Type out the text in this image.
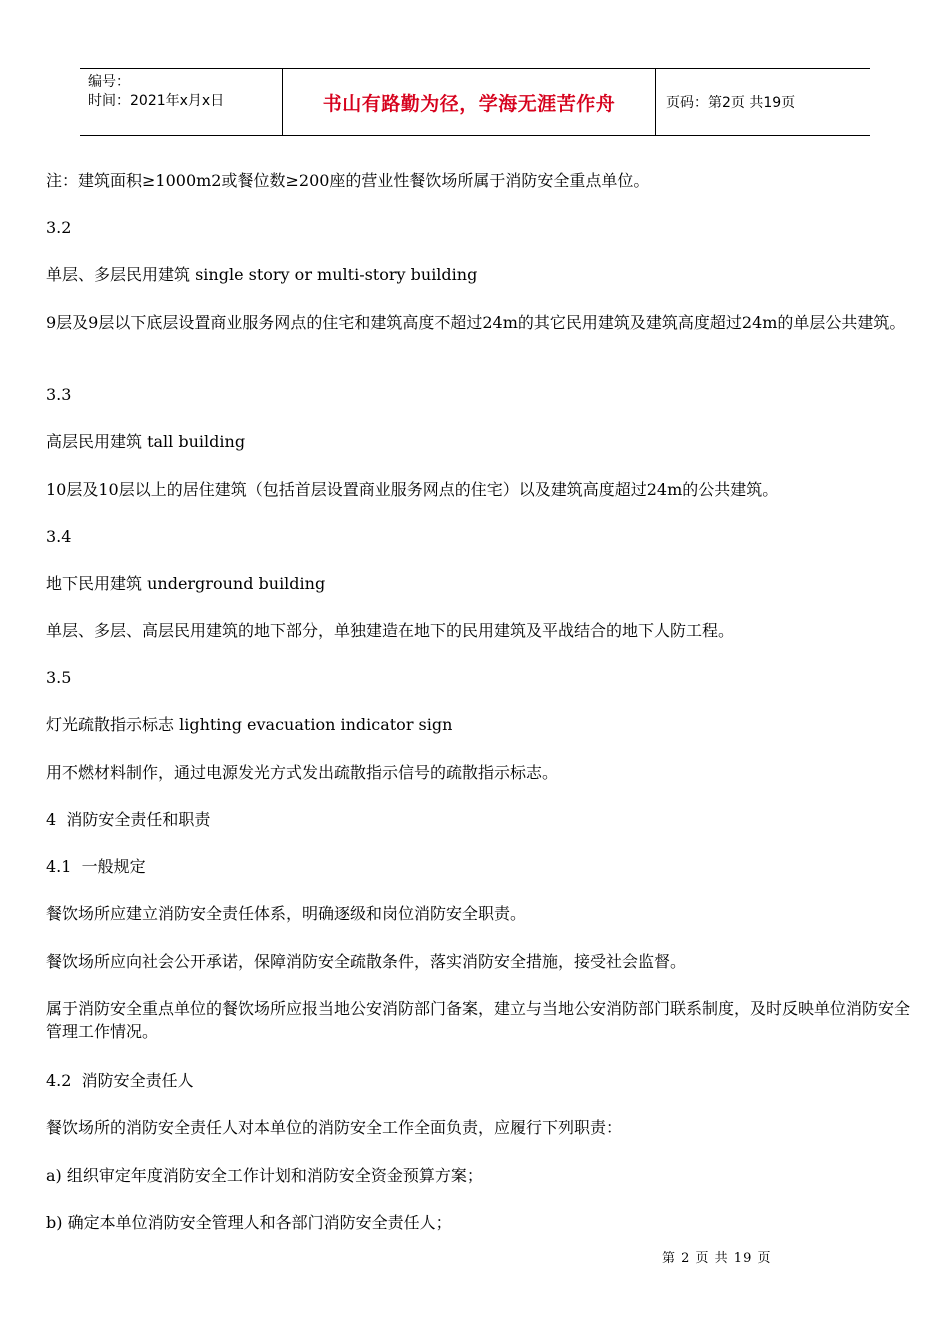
编号：
时间：2021年x月x日	书山有路勤为径，学海无涯苦作舟	页码：第2页 共19页
注：建筑面积≥1000m2或餐位数≥200座的营业性餐饮场所属于消防安全重点单位。
3.2
单层、多层民用建筑 single story or multi-story building
9层及9层以下底层设置商业服务网点的住宅和建筑高度不超过24m的其它民用建筑及建筑高度超过24m的单层公共建筑。
3.3
高层民用建筑 tall building
10层及10层以上的居住建筑（包括首层设置商业服务网点的住宅）以及建筑高度超过24m的公共建筑。
3.4
地下民用建筑 underground building
单层、多层、高层民用建筑的地下部分，单独建造在地下的民用建筑及平战结合的地下人防工程。
3.5
灯光疏散指示标志 lighting evacuation indicator sign
用不燃材料制作，通过电源发光方式发出疏散指示信号的疏散指示标志。
4  消防安全责任和职责
4.1  一般规定
餐饮场所应建立消防安全责任体系，明确逐级和岗位消防安全职责。
餐饮场所应向社会公开承诺，保障消防安全疏散条件，落实消防安全措施，接受社会监督。
属于消防安全重点单位的餐饮场所应报当地公安消防部门备案，建立与当地公安消防部门联系制度，及时反映单位消防安全管理工作情况。
4.2  消防安全责任人
餐饮场所的消防安全责任人对本单位的消防安全工作全面负责，应履行下列职责：
a) 组织审定年度消防安全工作计划和消防安全资金预算方案；
b) 确定本单位消防安全管理人和各部门消防安全责任人；
第 2 页 共 19 页
